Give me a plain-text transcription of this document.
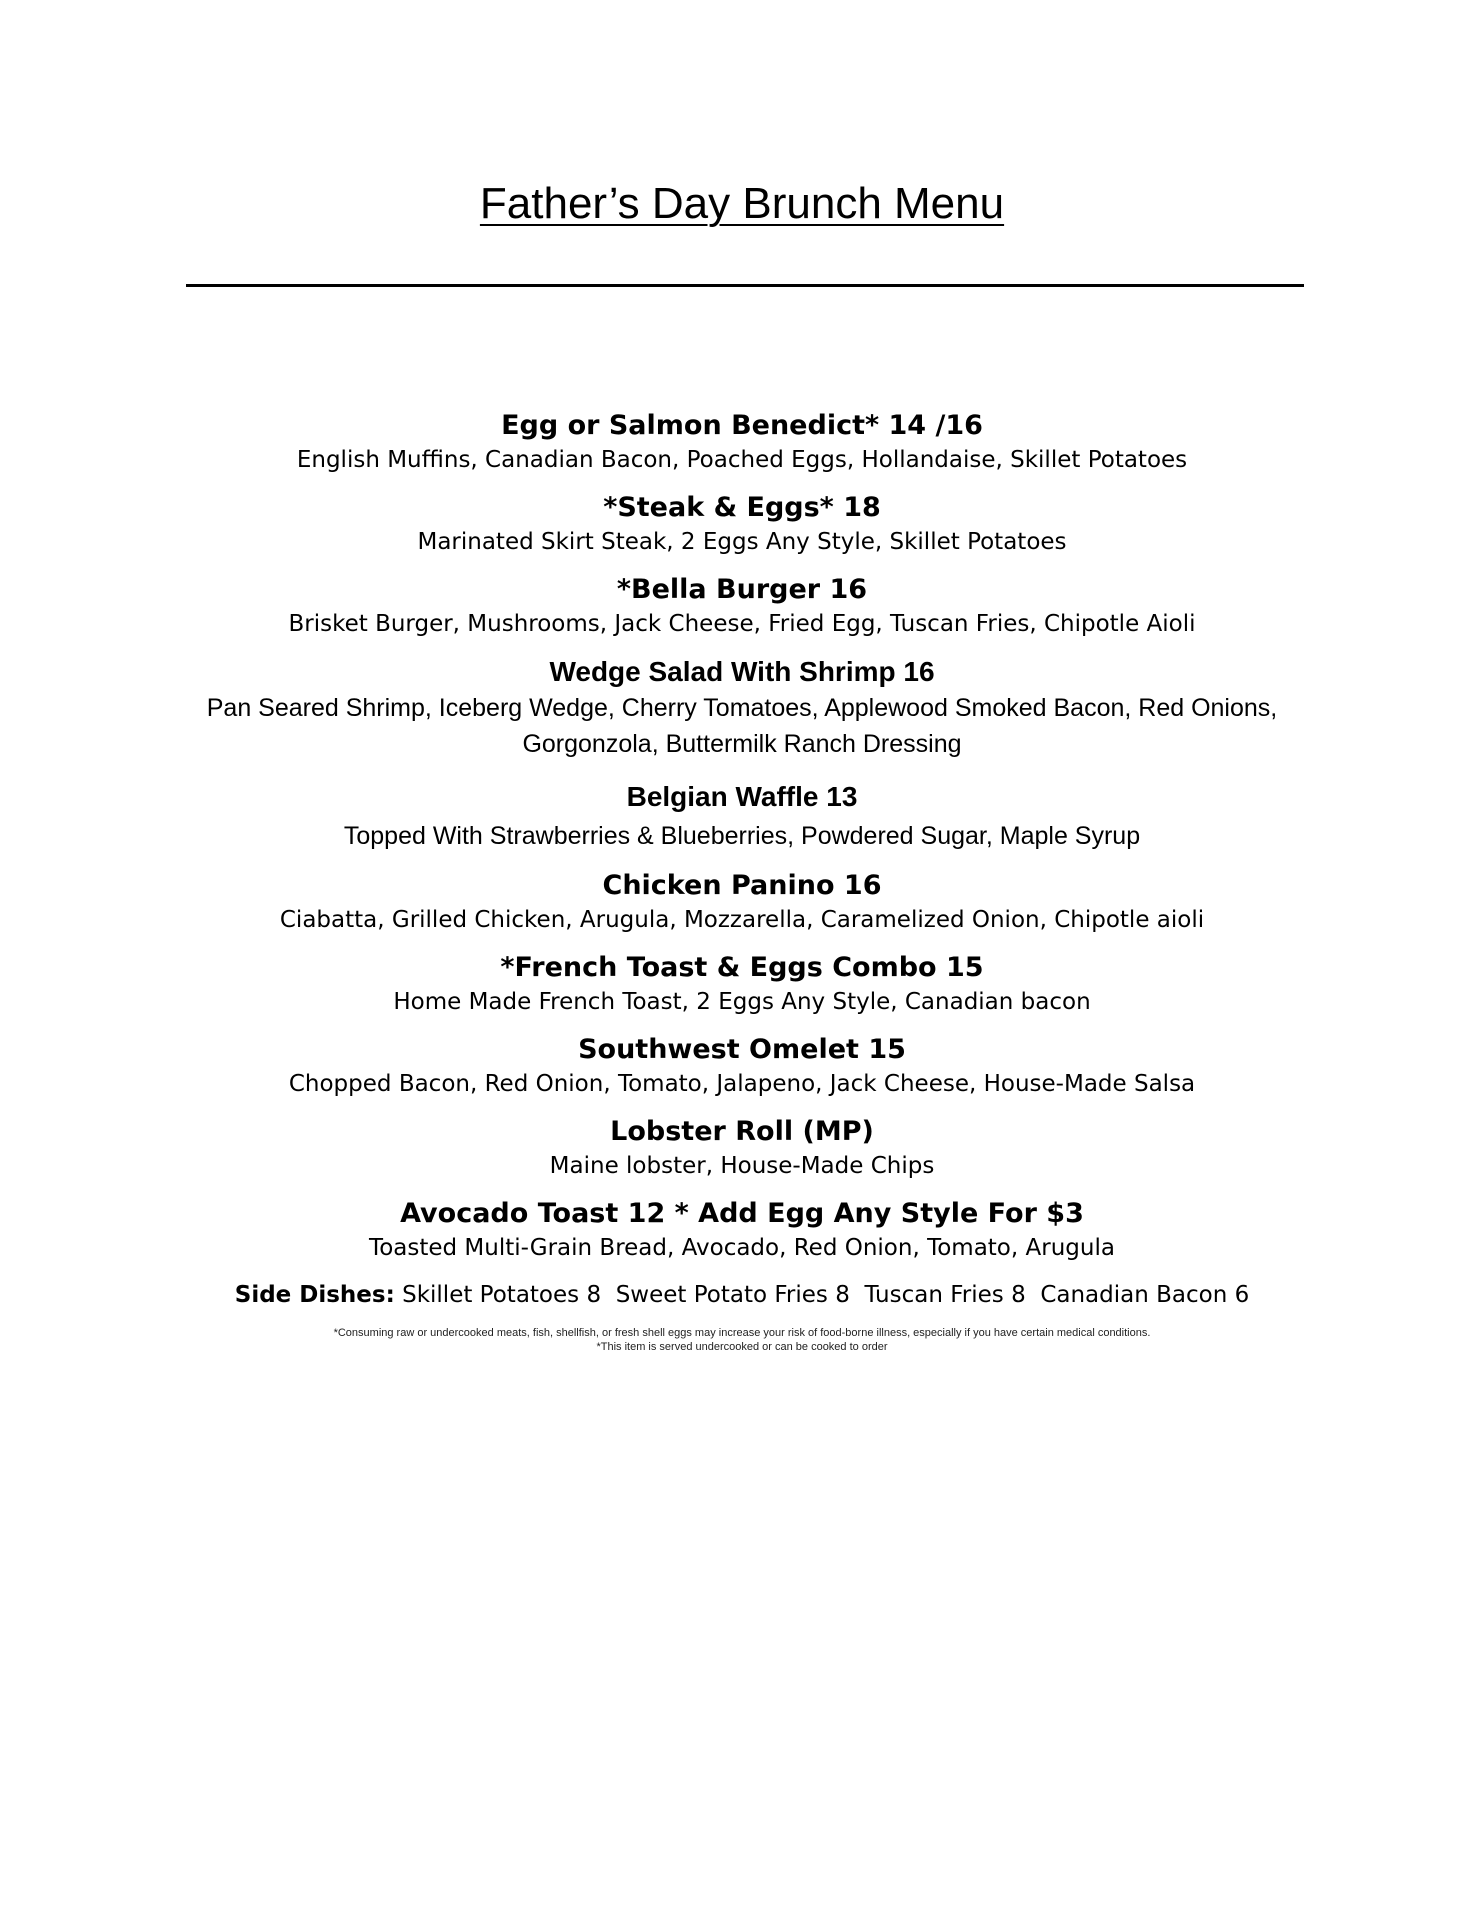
Father’s Day Brunch Menu
Egg or Salmon Benedict* 14 /16
English Muffins, Canadian Bacon, Poached Eggs, Hollandaise, Skillet Potatoes
*Steak & Eggs* 18
Marinated Skirt Steak, 2 Eggs Any Style, Skillet Potatoes
*Bella Burger 16
Brisket Burger, Mushrooms, Jack Cheese, Fried Egg, Tuscan Fries, Chipotle Aioli
Wedge Salad With Shrimp 16
Pan Seared Shrimp, Iceberg Wedge, Cherry Tomatoes, Applewood Smoked Bacon, Red Onions,
Gorgonzola, Buttermilk Ranch Dressing
Belgian Waffle 13
Topped With Strawberries & Blueberries, Powdered Sugar, Maple Syrup
Chicken Panino 16
Ciabatta, Grilled Chicken, Arugula, Mozzarella, Caramelized Onion, Chipotle aioli
*French Toast & Eggs Combo 15
Home Made French Toast, 2 Eggs Any Style, Canadian bacon
Southwest Omelet 15
Chopped Bacon, Red Onion, Tomato, Jalapeno, Jack Cheese, House-Made Salsa
Lobster Roll (MP)
Maine lobster, House-Made Chips
Avocado Toast 12 * Add Egg Any Style For $3
Toasted Multi-Grain Bread, Avocado, Red Onion, Tomato, Arugula
Side Dishes: Skillet Potatoes 8  Sweet Potato Fries 8  Tuscan Fries 8  Canadian Bacon 6
*Consuming raw or undercooked meats, fish, shellfish, or fresh shell eggs may increase your risk of food-borne illness, especially if you have certain medical conditions.
*This item is served undercooked or can be cooked to order
